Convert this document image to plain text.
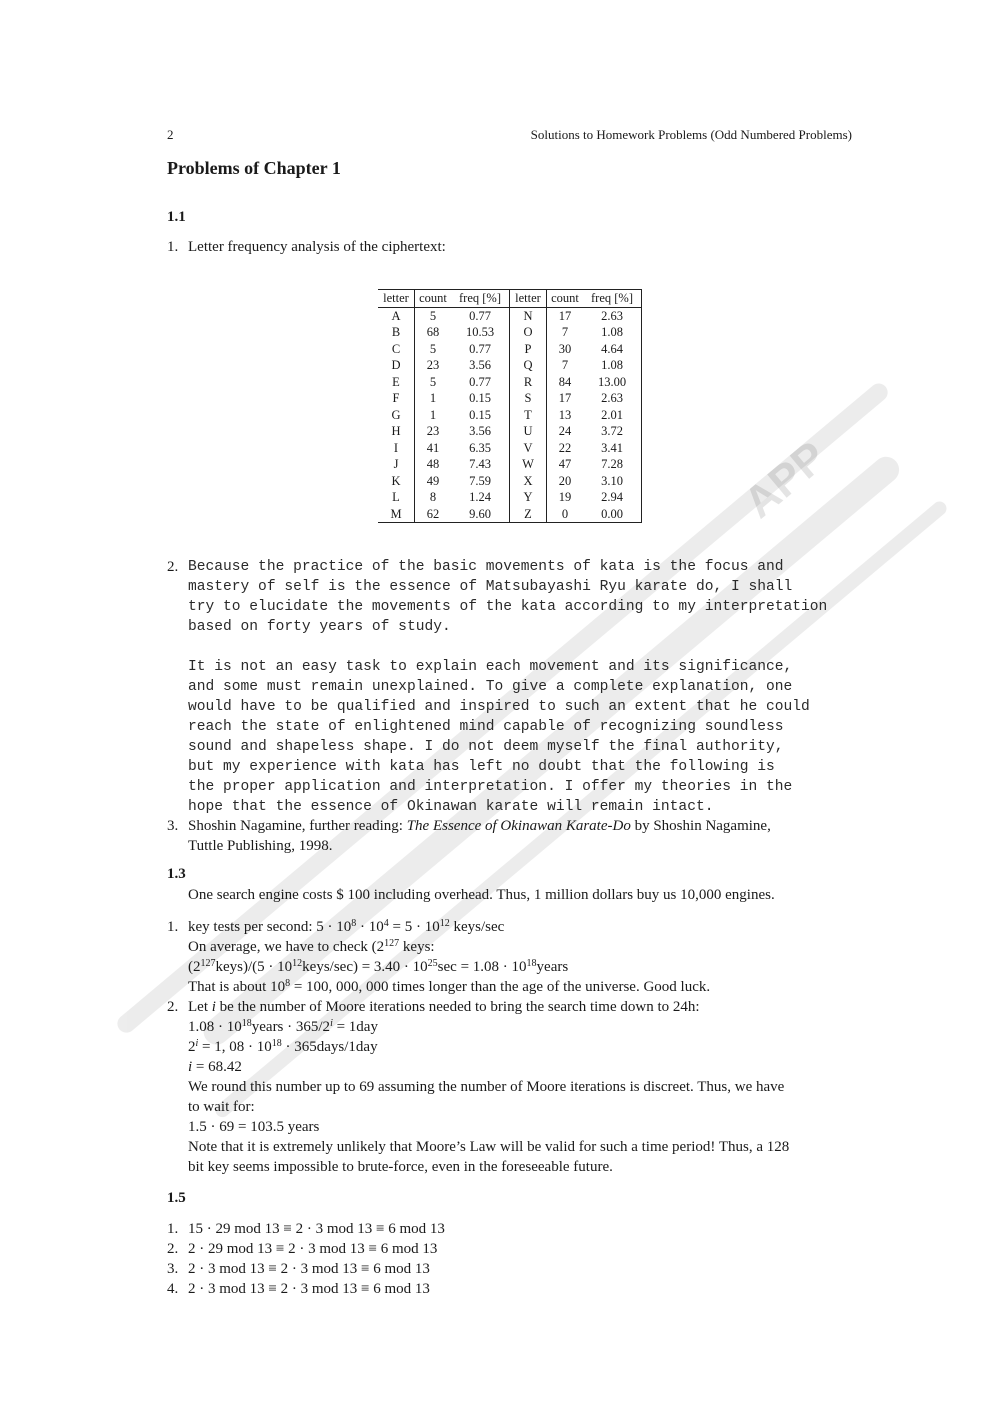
APP
2	Solutions to Homework Problems (Odd Numbered Problems)
Problems of Chapter 1
1.1
1. Letter frequency analysis of the ciphertext:
letter	count	freq [%]	letter	count	freq [%]
A	5	0.77	N	17	2.63
B	68	10.53	O	7	1.08
C	5	0.77	P	30	4.64
D	23	3.56	Q	7	1.08
E	5	0.77	R	84	13.00
F	1	0.15	S	17	2.63
G	1	0.15	T	13	2.01
H	23	3.56	U	24	3.72
I	41	6.35	V	22	3.41
J	48	7.43	W	47	7.28
K	49	7.59	X	20	3.10
L	8	1.24	Y	19	2.94
M	62	9.60	Z	0	0.00
2. Because the practice of the basic movements of kata is the focus and
mastery of self is the essence of Matsubayashi Ryu karate do, I shall
try to elucidate the movements of the kata according to my interpretation
based on forty years of study.
It is not an easy task to explain each movement and its significance,
and some must remain unexplained. To give a complete explanation, one
would have to be qualified and inspired to such an extent that he could
reach the state of enlightened mind capable of recognizing soundless
sound and shapeless shape. I do not deem myself the final authority,
but my experience with kata has left no doubt that the following is
the proper application and interpretation. I offer my theories in the
hope that the essence of Okinawan karate will remain intact.
3. Shoshin Nagamine, further reading: The Essence of Okinawan Karate-Do by Shoshin Nagamine,
Tuttle Publishing, 1998.
1.3
One search engine costs $ 100 including overhead. Thus, 1 million dollars buy us 10,000 engines.
1. key tests per second: $5 \cdot 10^8 \cdot 10^4 = 5 \cdot 10^{12}$ keys/sec
On average, we have to check ($2^{127}$ keys:
$(2^{127}keys)/(5$ · $10^{12}keys/\sec) = 3.40 \cdot 10^{25}\sec = 1.08$ · $10^{18}years$
That is about $10^8 = 100$, 000, 000 times longer than the age of the universe. Good luck.
2. Let i be the number of Moore iterations needed to bring the search time down to 24h:
$1.08 \cdot 10^{18}years \cdot 365/2^i = 1day$
$2^i = 1$, $08 \cdot 10^{18}$ · 365days/1day
i = 68.42
We round this number up to 69 assuming the number of Moore iterations is discreet. Thus, we have
to wait for:
1.5 · 69 = 103.5 years
Note that it is extremely unlikely that Moore’s Law will be valid for such a time period! Thus, a 128
bit key seems impossible to brute-force, even in the foreseeable future.
1.5
1. 15 · 29 mod 13 ≡ 2 · 3 mod 13 ≡ 6 mod 13
2. 2 · 29 mod 13 ≡ 2 · 3 mod 13 ≡ 6 mod 13
3. 2 · 3 mod 13 ≡ 2 · 3 mod 13 ≡ 6 mod 13
4. 2 · 3 mod 13 ≡ 2 · 3 mod 13 ≡ 6 mod 13
